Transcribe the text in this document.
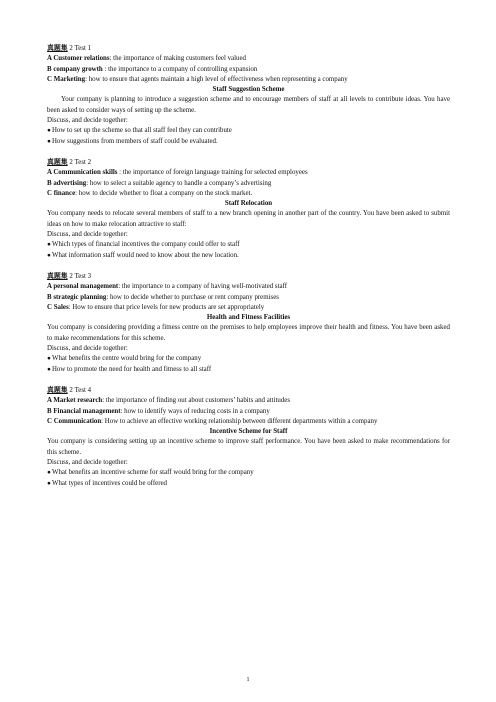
真题集 2 Test 1
A Customer relations: the importance of making customers feel valued
B company growth : the importance to a company of controlling expansion
C Marketing: how to ensure that agents maintain a high level of effectiveness when representing a company
Staff Suggestion Scheme
Your company is planning to introduce a suggestion scheme and to encourage members of staff at all levels to contribute ideas. You have been asked to consider ways of setting up the scheme.
Discuss, and decide together:
● How to set up the scheme so that all staff feel they can contribute
● How suggestions from members of staff could be evaluated.
真题集 2 Test 2
A Communication skills : the importance of foreign language training for selected employees
B advertising: how to select a suitable agency to handle a company’s advertising
C finance: how to decide whether to float a company on the stock market.
Staff Relocation
You company needs to relocate several members of staff to a new branch opening in another part of the country. You have been asked to submit ideas on how to make relocation attractive to staff:
Discuss, and decide together:
● Which types of financial incentives the company could offer to staff
● What information staff would need to know about the new location.
真题集 2 Test 3
A personal management: the importance to a company of having well-motivated staff
B strategic planning: how to decide whether to purchase or rent company premises
C Sales: How to ensure that price levels for new products are set appropriately
Health and Fitness Facilities
You company is considering providing a fitness centre on the premises to help employees improve their health and fitness. You have been asked to make recommendations for this scheme.
Discuss, and decide together:
● What benefits the centre would bring for the company
● How to promote the need for health and fitness to all staff
真题集 2 Test 4
A Market research: the importance of finding out about customers’ habits and attitudes
B Financial management: how to identify ways of reducing costs in a company
C Communication: How to achieve an effective working relationship between different departments within a company
Incentive Scheme for Staff
You company is considering setting up an incentive scheme to improve staff performance. You have been asked to make recommendations for this scheme.
Discuss, and decide together:
● What benefits an incentive scheme for staff would bring for the company
● What types of incentives could be offered
1
